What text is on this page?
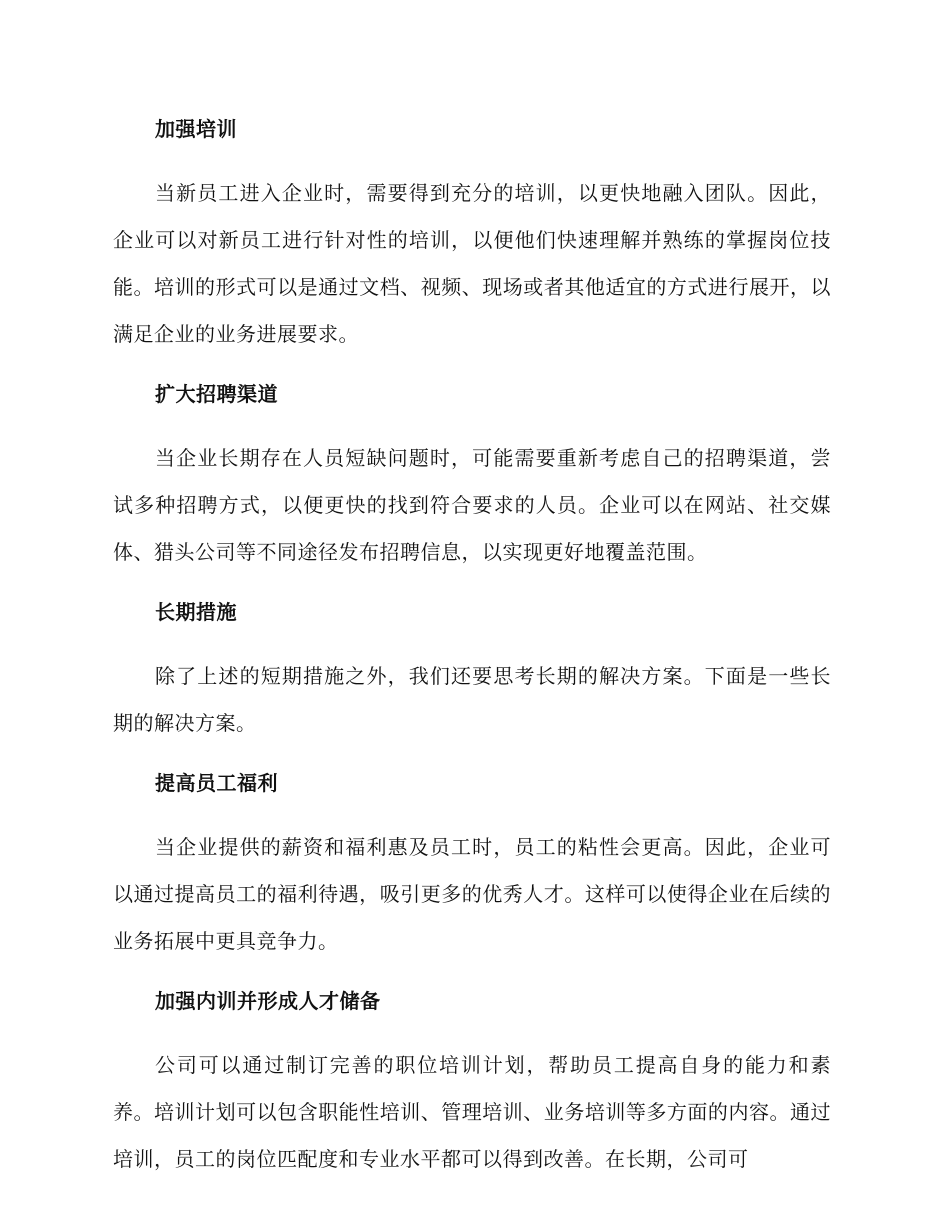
加强培训

当新员工进入企业时，需要得到充分的培训，以更快地融入团队。因此，企业可以对新员工进行针对性的培训，以便他们快速理解并熟练的掌握岗位技能。培训的形式可以是通过文档、视频、现场或者其他适宜的方式进行展开，以满足企业的业务进展要求。

扩大招聘渠道

当企业长期存在人员短缺问题时，可能需要重新考虑自己的招聘渠道，尝试多种招聘方式，以便更快的找到符合要求的人员。企业可以在网站、社交媒体、猎头公司等不同途径发布招聘信息，以实现更好地覆盖范围。

长期措施

除了上述的短期措施之外，我们还要思考长期的解决方案。下面是一些长期的解决方案。

提高员工福利

当企业提供的薪资和福利惠及员工时，员工的粘性会更高。因此，企业可以通过提高员工的福利待遇，吸引更多的优秀人才。这样可以使得企业在后续的业务拓展中更具竞争力。

加强内训并形成人才储备

公司可以通过制订完善的职位培训计划，帮助员工提高自身的能力和素养。培训计划可以包含职能性培训、管理培训、业务培训等多方面的内容。通过培训，员工的岗位匹配度和专业水平都可以得到改善。在长期，公司可
